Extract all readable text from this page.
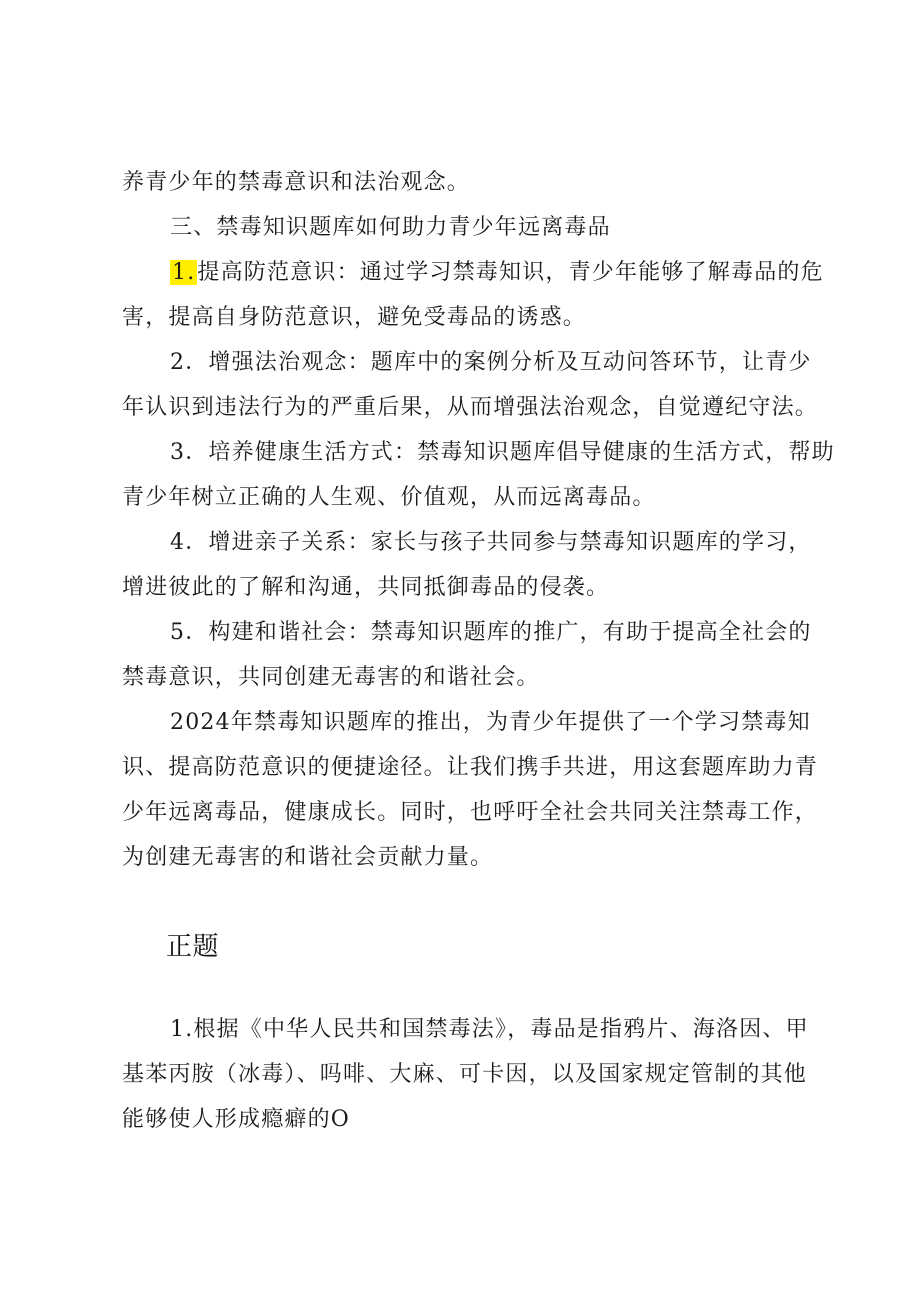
养青少年的禁毒意识和法治观念。
三、禁毒知识题库如何助力青少年远离毒品
1.提高防范意识：通过学习禁毒知识，青少年能够了解毒品的危
害，提高自身防范意识，避免受毒品的诱惑。
2．增强法治观念：题库中的案例分析及互动问答环节，让青少
年认识到违法行为的严重后果，从而增强法治观念，自觉遵纪守法。
3．培养健康生活方式：禁毒知识题库倡导健康的生活方式，帮助
青少年树立正确的人生观、价值观，从而远离毒品。
4．增进亲子关系：家长与孩子共同参与禁毒知识题库的学习，
增进彼此的了解和沟通，共同抵御毒品的侵袭。
5．构建和谐社会：禁毒知识题库的推广，有助于提高全社会的
禁毒意识，共同创建无毒害的和谐社会。
2024年禁毒知识题库的推出，为青少年提供了一个学习禁毒知
识、提高防范意识的便捷途径。让我们携手共进，用这套题库助力青
少年远离毒品，健康成长。同时，也呼吁全社会共同关注禁毒工作，
为创建无毒害的和谐社会贡献力量。
正题
1.根据《中华人民共和国禁毒法》，毒品是指鸦片、海洛因、甲
基苯丙胺（冰毒）、吗啡、大麻、可卡因，以及国家规定管制的其他
能够使人形成瘾癖的O
